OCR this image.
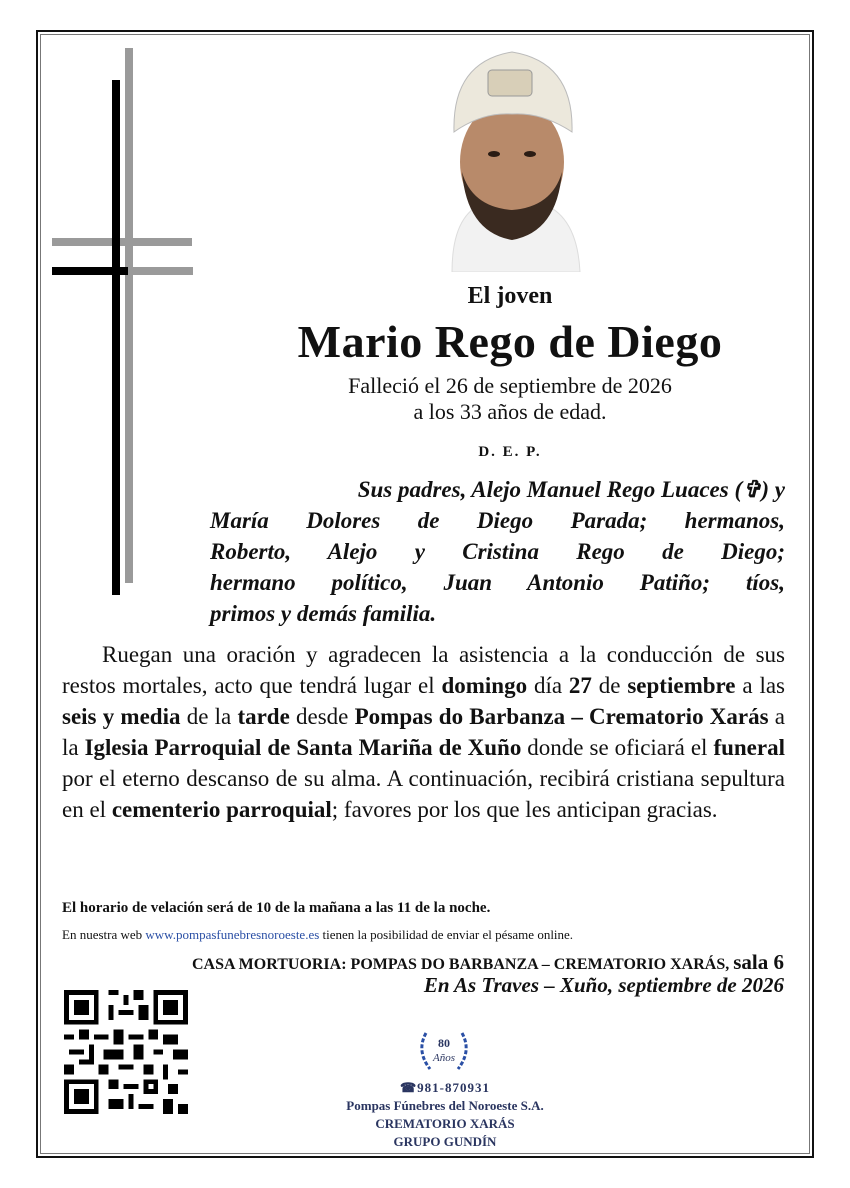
El joven
Mario Rego de Diego
Falleció el 26 de septiembre de 2026
a los 33 años de edad.
D. E. P.
Sus padres, Alejo Manuel Rego Luaces (✞) y
María Dolores de Diego Parada; hermanos,
Roberto, Alejo y Cristina Rego de Diego;
hermano político, Juan Antonio Patiño; tíos,
primos y demás familia.
Ruegan una oración y agradecen la asistencia a la conducción de sus restos mortales, acto que tendrá lugar el domingo día 27 de septiembre a las seis y media de la tarde desde Pompas do Barbanza – Crematorio Xarás a la Iglesia Parroquial de Santa Mariña de Xuño donde se oficiará el funeral por el eterno descanso de su alma. A continuación, recibirá cristiana sepultura en el cementerio parroquial; favores por los que les anticipan gracias.
El horario de velación será de 10 de la mañana a las 11 de la noche.
En nuestra web www.pompasfunebresnoroeste.es tienen la posibilidad de enviar el pésame online.
CASA MORTUORIA: POMPAS DO BARBANZA – CREMATORIO XARÁS, sala 6
En As Traves – Xuño, septiembre de 2026
80
Años
☎981-870931
Pompas Fúnebres del Noroeste S.A.
CREMATORIO XARÁS
GRUPO GUNDÍN
